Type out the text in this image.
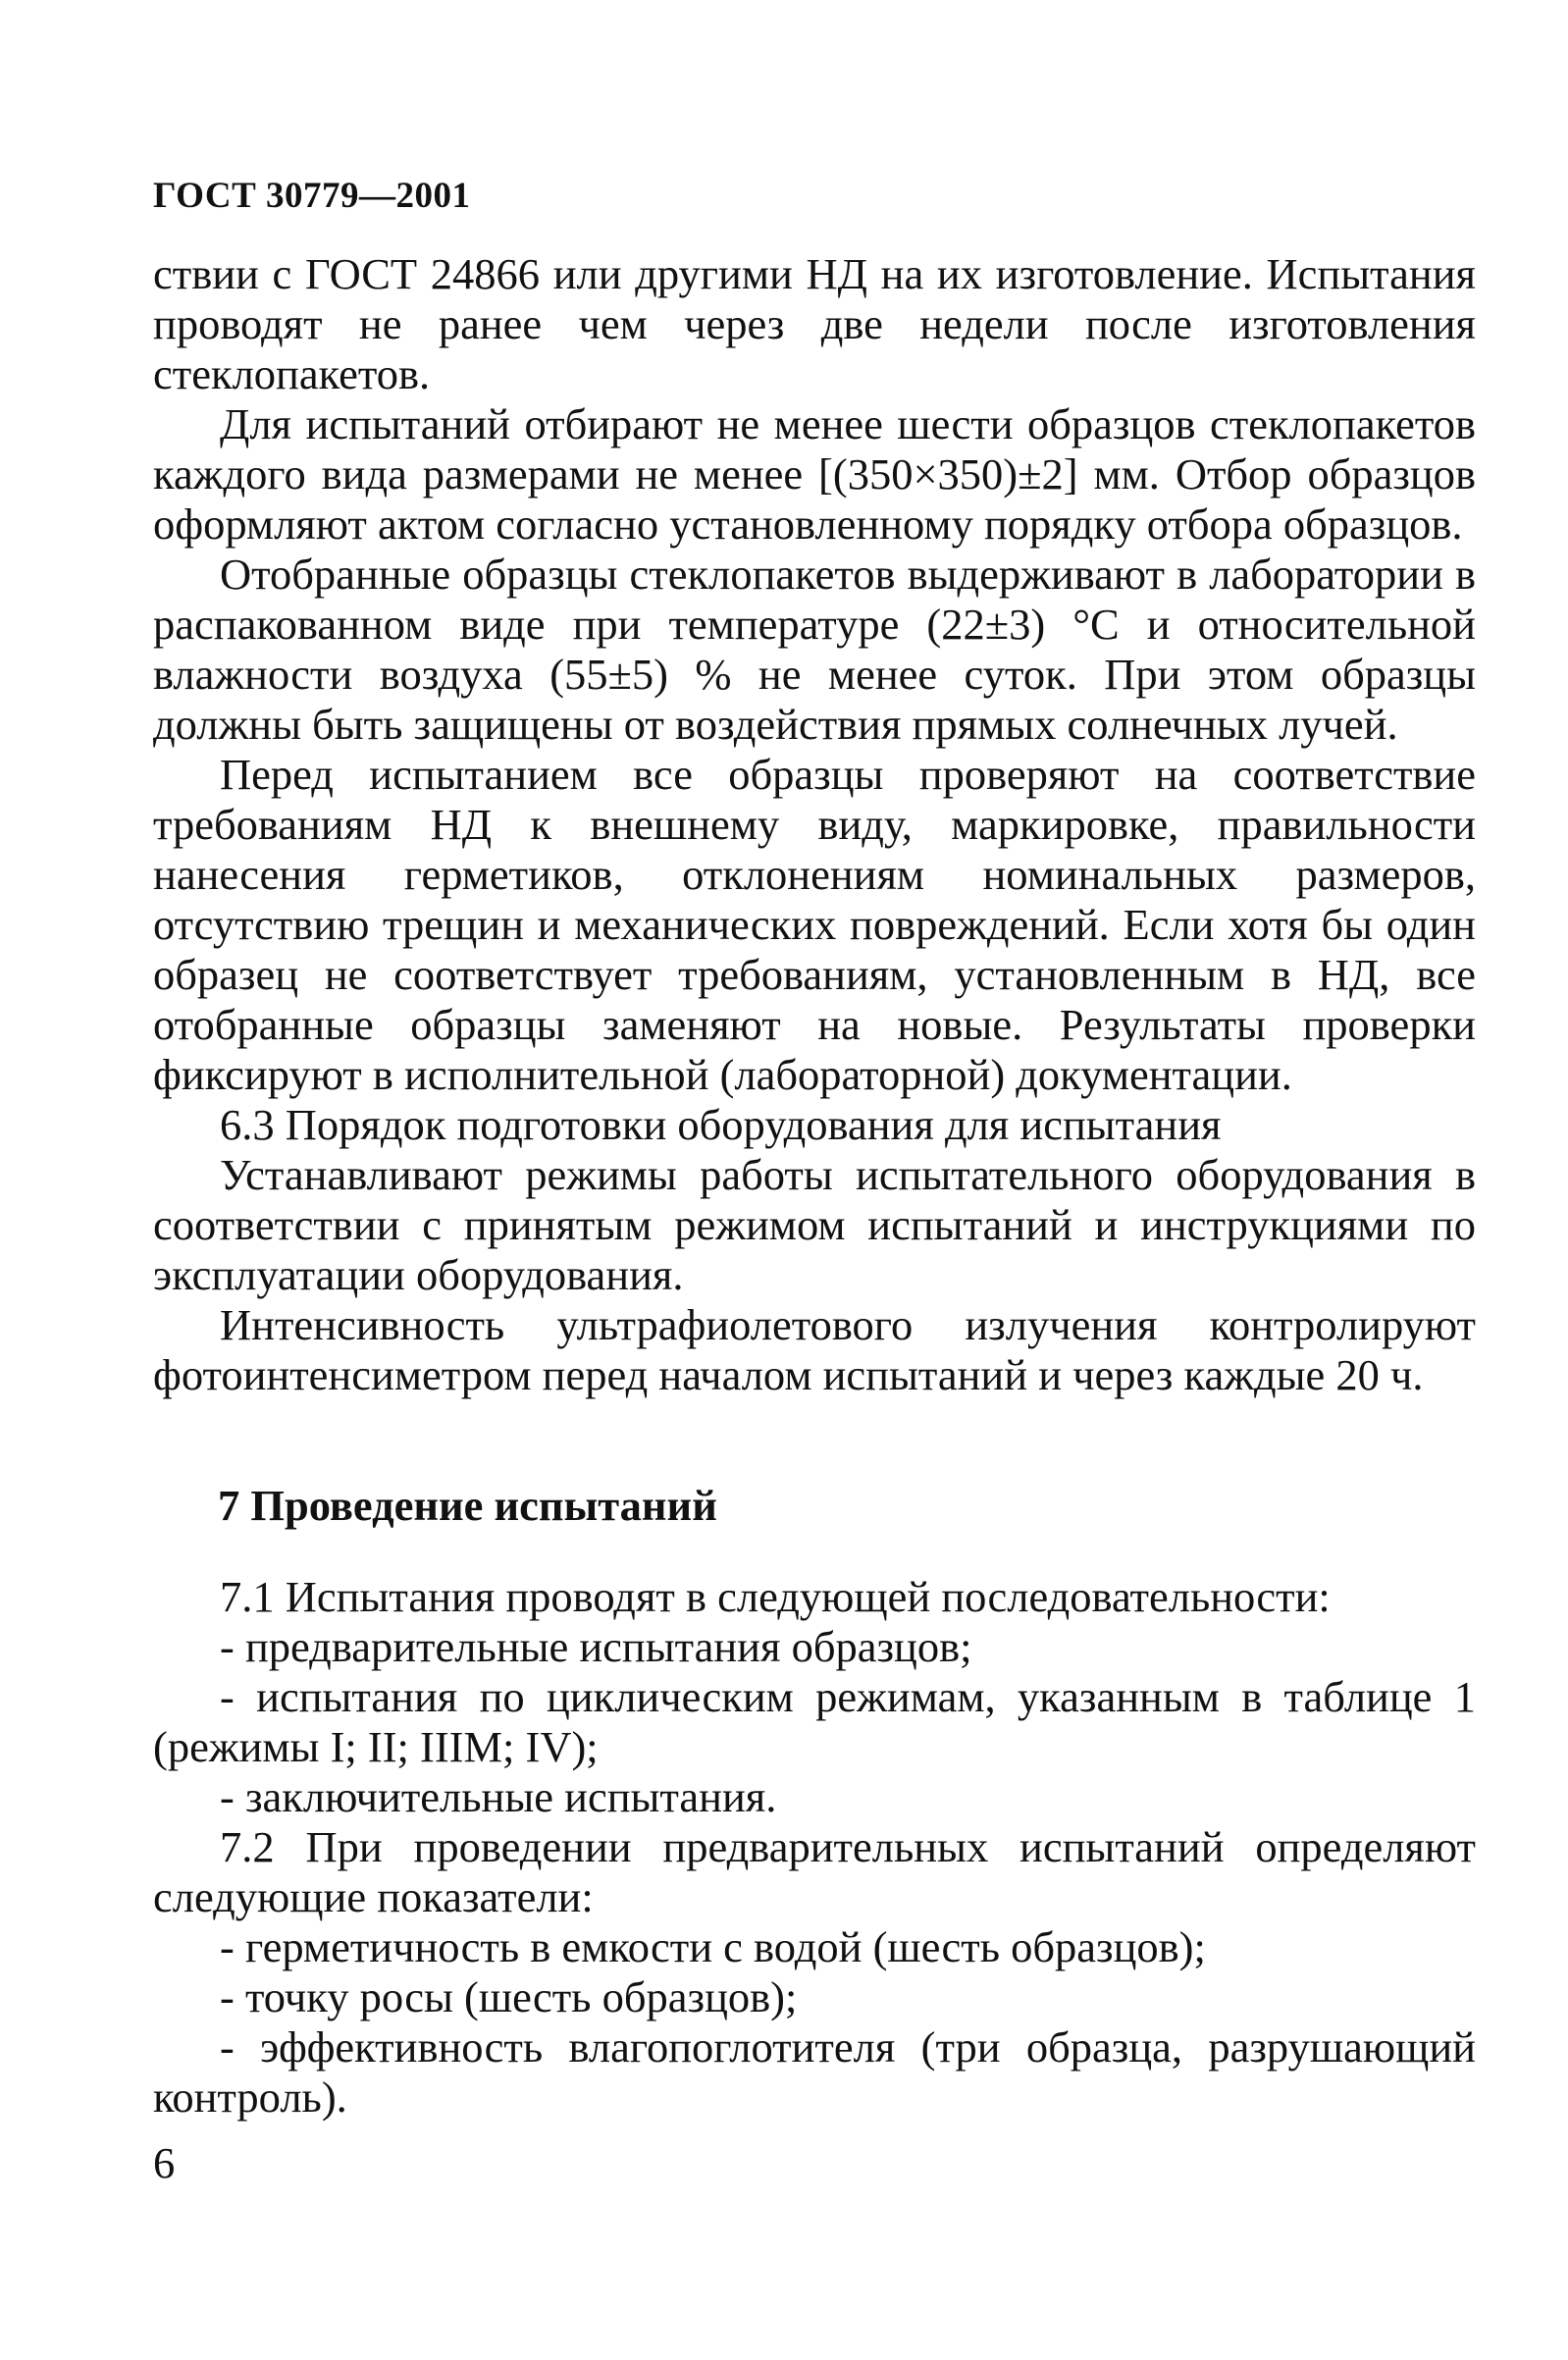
ГОСТ 30779—2001

ствии с ГОСТ 24866 или другими НД на их изготовление. Испытания проводят не ранее чем через две недели после изготовления стеклопакетов.

Для испытаний отбирают не менее шести образцов стеклопакетов каждого вида размерами не менее [(350×350)±2] мм. Отбор образцов оформляют актом согласно установленному порядку отбора образцов.

Отобранные образцы стеклопакетов выдерживают в лаборатории в распакованном виде при температуре (22±3) °С и относительной влажности воздуха (55±5) % не менее суток. При этом образцы должны быть защищены от воздействия прямых солнечных лучей.

Перед испытанием все образцы проверяют на соответствие требованиям НД к внешнему виду, маркировке, правильности нанесения герметиков, отклонениям номинальных размеров, отсутствию трещин и механических повреждений. Если хотя бы один образец не соответствует требованиям, установленным в НД, все отобранные образцы заменяют на новые. Результаты проверки фиксируют в исполнительной (лабораторной) документации.

6.3 Порядок подготовки оборудования для испытания

Устанавливают режимы работы испытательного оборудования в соответствии с принятым режимом испытаний и инструкциями по эксплуатации оборудования.

Интенсивность ультрафиолетового излучения контролируют фотоинтенсиметром перед началом испытаний и через каждые 20 ч.

7 Проведение испытаний

7.1 Испытания проводят в следующей последовательности:

- предварительные испытания образцов;

- испытания по циклическим режимам, указанным в таблице 1 (режимы I; II; IIIМ; IV);

- заключительные испытания.

7.2 При проведении предварительных испытаний определяют следующие показатели:

- герметичность в емкости с водой (шесть образцов);

- точку росы (шесть образцов);

- эффективность влагопоглотителя (три образца, разрушающий контроль).

6
